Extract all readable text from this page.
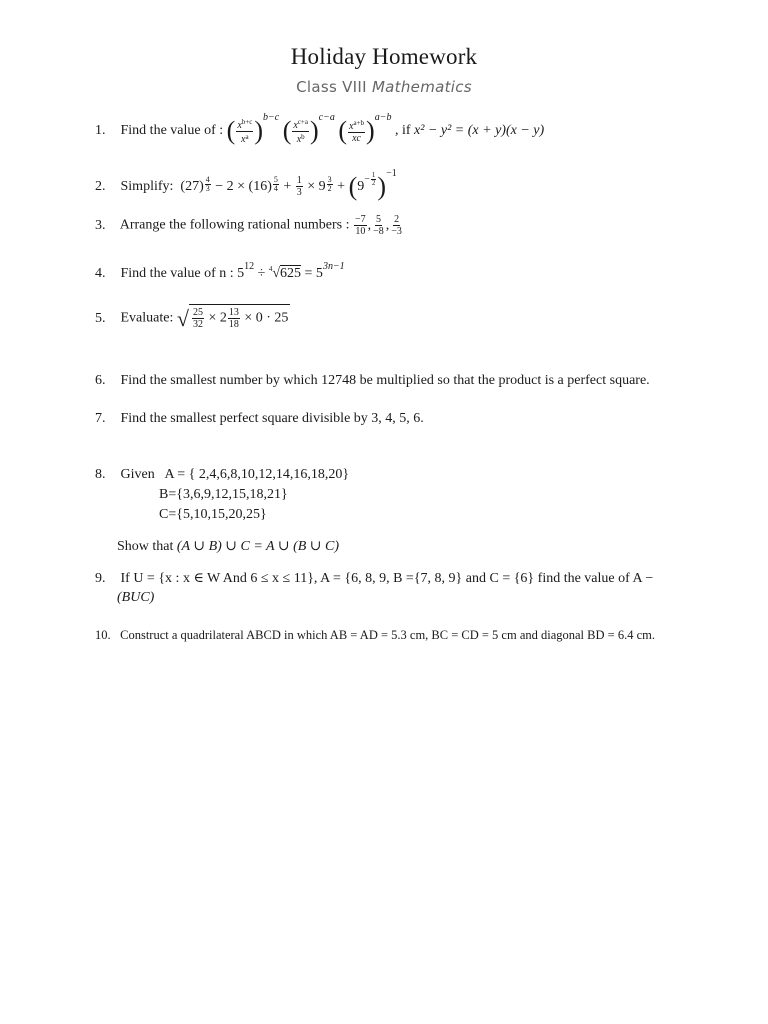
Holiday Homework
Class VIII Mathematics
1. Find the value of : ( $\frac{x^{b+c}}{x^a} )^{b-c}$ ( $\frac{x^{c+a}}{x^b} )^{c-a}$ ( $\frac{x^{a+b}}{xc} )^{a-b}$ , if x² − y² = (x + y)(x − y)
2. Simplify:  $(27) \frac{4}{3} - 2 \times (16) \frac{5}{4} + \frac{1}{3} \times 9 \frac{3}{2} + (9^{- \frac{1}{2}}$ )$^{-1}$
3. Arrange the following rational numbers : $\frac{-7}{10}$ , $\frac{5}{-8}$ , $\frac{2}{-3}$
4. Find the value of n : $5^{12} \div ^4√625 = 5^{3n-1}$
5. Evaluate: √ $\frac{25}{32} \times 2 \frac{13}{18} \times 0 \cdot 25$
6. Find the smallest number by which 12748 be multiplied so that the product is a perfect square.
7. Find the smallest perfect square divisible by 3, 4, 5, 6.
8. Given A = { 2,4,6,8,10,12,14,16,18,20}
B={3,6,9,12,15,18,21}
C={5,10,15,20,25}
Show that (A ∪ B) ∪ C = A ∪ (B ∪ C)
9. If U = {x : x ∈ W And 6 ≤ x ≤ 11}, A = {6, 8, 9, B ={7, 8, 9} and C = {6} find the value of A −
(BUC)
10. Construct a quadrilateral ABCD in which AB = AD = 5.3 cm, BC = CD = 5 cm and diagonal BD = 6.4 cm.
